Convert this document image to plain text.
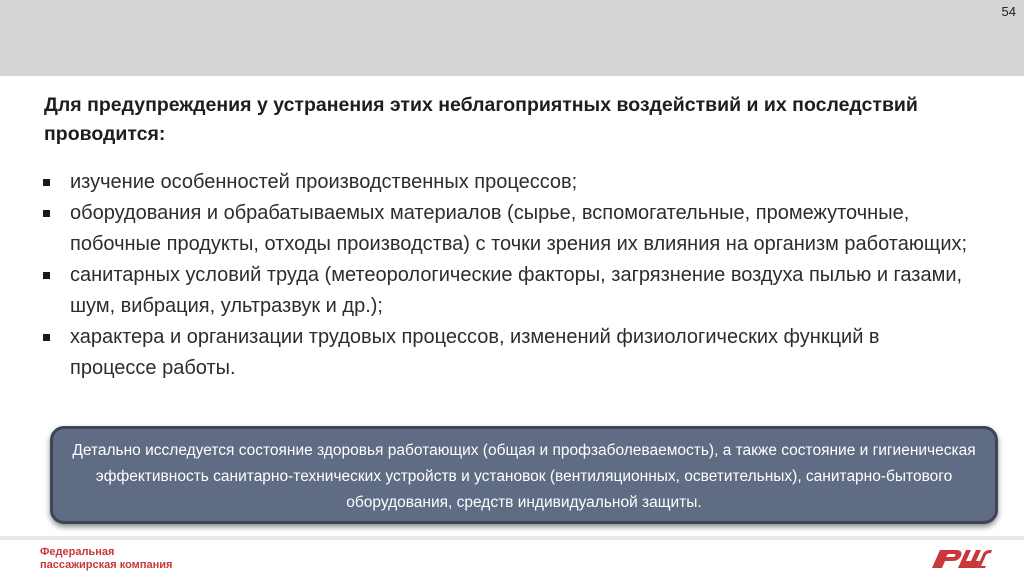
54

Для предупреждения у устранения этих неблагоприятных воздействий и их последствий проводится:

изучение особенностей производственных процессов;
оборудования и обрабатываемых материалов (сырье, вспомогательные, промежуточные, побочные продукты, отходы производства) с точки зрения их влияния на организм работающих;
санитарных условий труда (метеорологические факторы, загрязнение воздуха пылью и газами, шум, вибрация, ультразвук и др.);
характера и организации трудовых процессов, изменений физиологических функций в процессе работы.
Детально исследуется состояние здоровья работающих (общая и профзаболеваемость), а также состояние и гигиеническая эффективность санитарно-технических устройств и установок (вентиляционных, осветительных), санитарно-бытового оборудования, средств индивидуальной защиты.
Федеральная
пассажирская компания
